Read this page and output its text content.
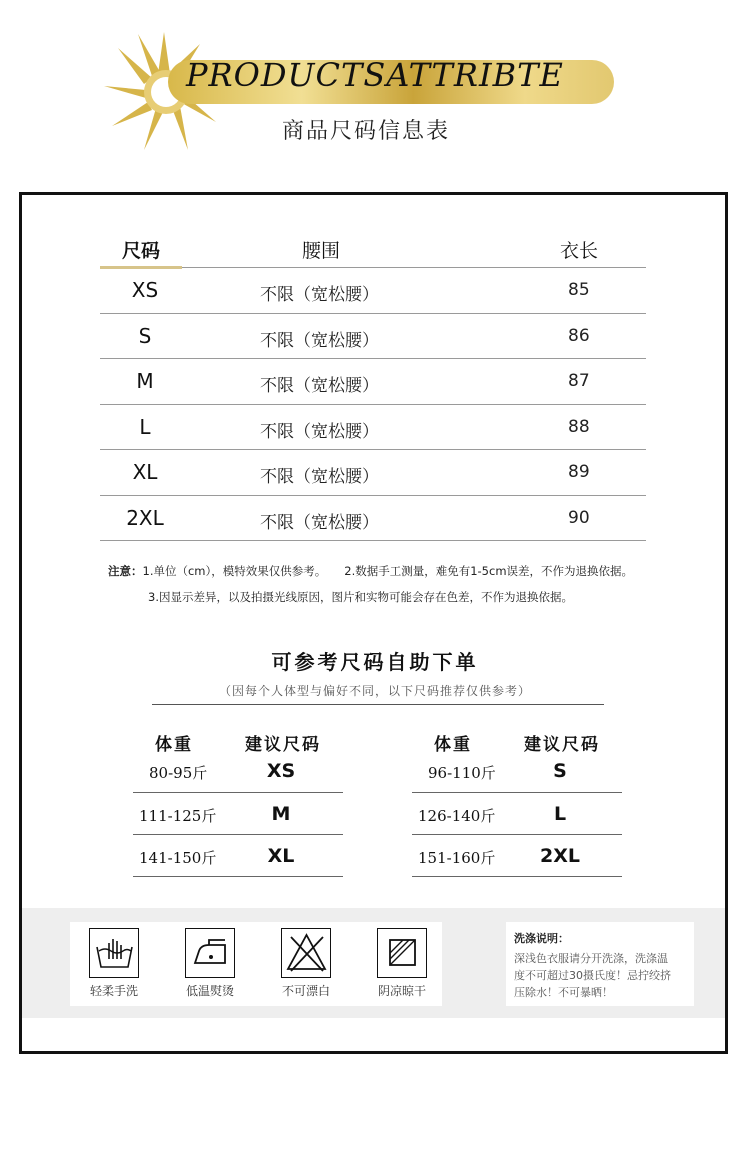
PRODUCTSATTRIBTE
商品尺码信息表
尺码	腰围	衣长
XS	不限（宽松腰）	85
S	不限（宽松腰）	86
M	不限（宽松腰）	87
L	不限（宽松腰）	88
XL	不限（宽松腰）	89
2XL	不限（宽松腰）	90
注意：1.单位（cm），模特效果仅供参考。 2.数据手工测量，难免有1-5cm误差，不作为退换依据。
3.因显示差异，以及拍摄光线原因，图片和实物可能会存在色差，不作为退换依据。
可参考尺码自助下单
（因每个人体型与偏好不同，以下尺码推荐仅供参考）
体重	建议尺码
80-95斤	XS
111-125斤	M
141-150斤	XL
体重	建议尺码
96-110斤	S
126-140斤	L
151-160斤	2XL
轻柔手洗	低温熨烫	不可漂白	阴凉晾干
洗涤说明：
深浅色衣服请分开洗涤，洗涤温
度不可超过30摄氏度！忌拧绞挤
压除水！不可暴晒！
